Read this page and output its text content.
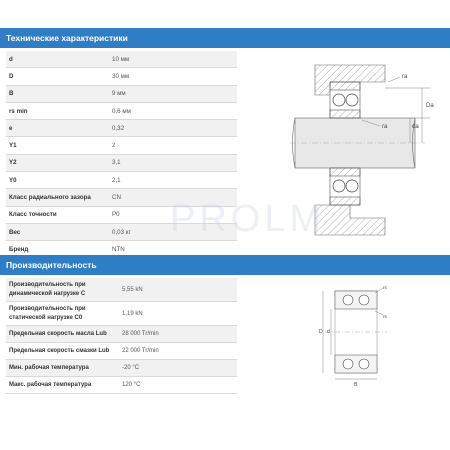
Технические характеристики
d	10 мм
D	30 мм
B	9 мм
rs min	0,6 мм
e	0,32
Y1	2
Y2	3,1
Y0	2,1
Класс радиального зазора	CN
Класс точности	P0
Вес	0,03 кг
Бренд	NTN
Производительность
Производительность при динамической нагрузке C	5,55 kN
Производительность при статической нагрузке C0	1,19 kN
Предельная скорость масла Lub	28 000 Tr/min
Предельная скорость смазки Lub	22 000 Tr/min
Мин. рабочая температура	-20 °C
Макс. рабочая температура	120 °C
ra
Da
ra	da
rs
rs
D d
B
PROLM
